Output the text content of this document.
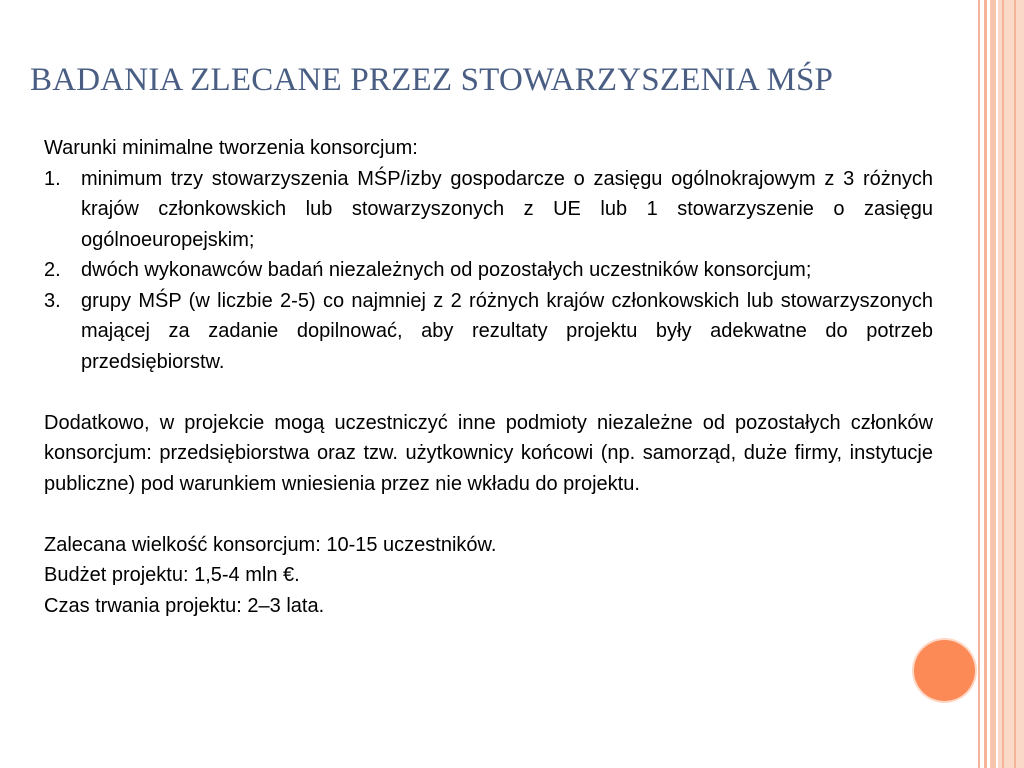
BADANIA ZLECANE PRZEZ STOWARZYSZENIA MŚP

Warunki minimalne tworzenia konsorcjum:

1. minimum trzy stowarzyszenia MŚP/izby gospodarcze o zasięgu ogólnokrajowym z 3 różnych krajów członkowskich lub stowarzyszonych z UE lub 1 stowarzyszenie o zasięgu ogólnoeuropejskim;
2. dwóch wykonawców badań niezależnych od pozostałych uczestników konsorcjum;
3. grupy MŚP (w liczbie 2-5) co najmniej z 2 różnych krajów członkowskich lub stowarzyszonych mającej za zadanie dopilnować, aby rezultaty projektu były adekwatne do potrzeb przedsiębiorstw.

Dodatkowo, w projekcie mogą uczestniczyć inne podmioty niezależne od pozostałych członków konsorcjum: przedsiębiorstwa oraz tzw. użytkownicy końcowi (np. samorząd, duże firmy, instytucje publiczne) pod warunkiem wniesienia przez nie wkładu do projektu.

Zalecana wielkość konsorcjum: 10-15 uczestników.

Budżet projektu: 1,5-4 mln €.

Czas trwania projektu: 2–3 lata.
